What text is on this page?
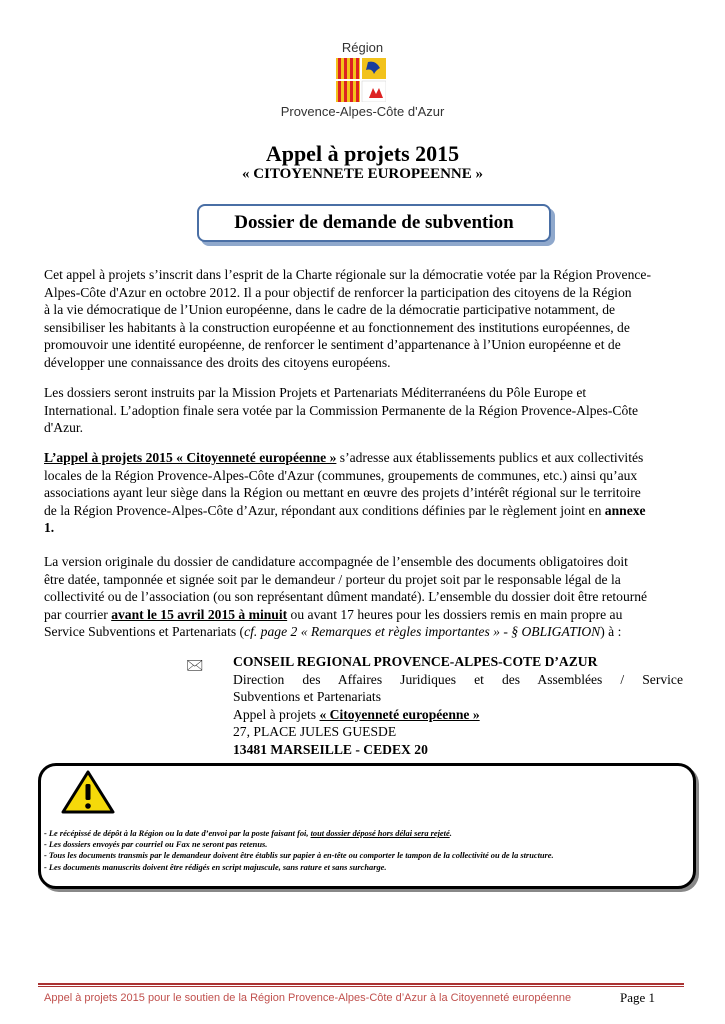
Région
Provence-Alpes-Côte d'Azur
Appel à projets 2015
« CITOYENNETE EUROPEENNE »
Dossier de demande de subvention

Cet appel à projets s’inscrit dans l’esprit de la Charte régionale sur la démocratie votée par la Région Provence-

Alpes-Côte d'Azur en octobre 2012. Il a pour objectif de renforcer la participation des citoyens de la Région

à la vie démocratique de l’Union européenne, dans le cadre de la démocratie participative notamment, de

sensibiliser les habitants à la construction européenne et au fonctionnement des institutions européennes, de

promouvoir une identité européenne, de renforcer le sentiment d’appartenance à l’Union européenne et de

développer une connaissance des droits des citoyens européens.

Les dossiers seront instruits par la Mission Projets et Partenariats Méditerranéens du Pôle Europe et

International. L’adoption finale sera votée par la Commission Permanente de la Région Provence-Alpes-Côte

d'Azur.

L’appel à projets 2015 « Citoyenneté européenne » s’adresse aux établissements publics et aux collectivités

locales de la Région Provence-Alpes-Côte d'Azur (communes, groupements de communes, etc.) ainsi qu’aux

associations ayant leur siège dans la Région ou mettant en œuvre des projets d’intérêt régional sur le territoire

de la Région Provence-Alpes-Côte d’Azur, répondant aux conditions définies par le règlement joint en annexe

1.

La version originale du dossier de candidature accompagnée de l’ensemble des documents obligatoires doit

être datée, tamponnée et signée soit par le demandeur / porteur du projet soit par le responsable légal de la

collectivité ou de l’association (ou son représentant dûment mandaté). L’ensemble du dossier doit être retourné

par courrier avant le 15 avril 2015 à minuit ou avant 17 heures pour les dossiers remis en main propre au

Service Subventions et Partenariats (cf. page 2 « Remarques et règles importantes » - § OBLIGATION) à :

🖂 CONSEIL REGIONAL PROVENCE-ALPES-COTE D’AZUR
Direction des Affaires Juridiques et des Assemblées / Service
Subventions et Partenariats
Appel à projets « Citoyenneté européenne »
27, PLACE JULES GUESDE
13481 MARSEILLE - CEDEX 20
- Le récépissé de dépôt à la Région ou la date d’envoi par la poste faisant foi, tout dossier déposé hors délai sera rejeté.
- Les dossiers envoyés par courriel ou Fax ne seront pas retenus.
- Tous les documents transmis par le demandeur doivent être établis sur papier à en-tête ou comporter le tampon de la collectivité ou de la structure.
- Les documents manuscrits doivent être rédigés en script majuscule, sans rature et sans surcharge.
Appel à projets 2015 pour le soutien de la Région Provence-Alpes-Côte d’Azur à la Citoyenneté européenne	Page 1
